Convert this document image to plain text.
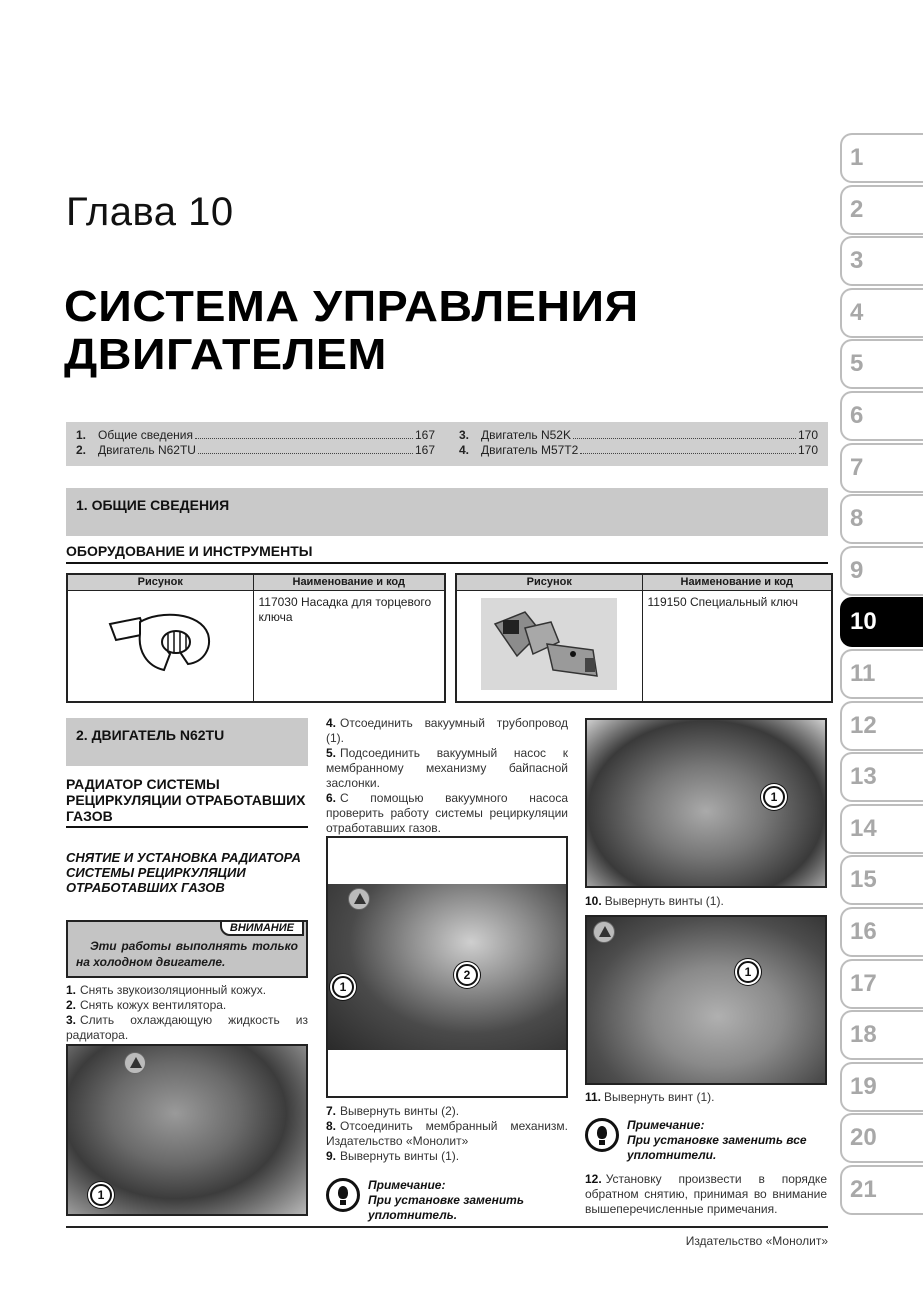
Глава 10
СИСТЕМА УПРАВЛЕНИЯ
ДВИГАТЕЛЕМ
1. Общие сведения	167
2. Двигатель N62TU	167
3. Двигатель N52K	170
4. Двигатель M57T2	170
1. ОБЩИЕ СВЕДЕНИЯ
ОБОРУДОВАНИЕ И ИНСТРУМЕНТЫ
Рисунок	Наименование и код
	117030 Насадка для торцевого ключа
Рисунок	Наименование и код
	119150 Специальный ключ
2. ДВИГАТЕЛЬ N62TU
РАДИАТОР СИСТЕМЫ РЕЦИРКУЛЯЦИИ ОТРАБОТАВШИХ ГАЗОВ
СНЯТИЕ И УСТАНОВКА РАДИАТОРА СИСТЕМЫ РЕЦИРКУЛЯЦИИ ОТРАБОТАВШИХ ГАЗОВ
ВНИМАНИЕ
Эти работы выполнять только на холодном двигателе.
1. Снять звукоизоляционный кожух.
2. Снять кожух вентилятора.
3. Слить охлаждающую жидкость из радиатора.
1
4. Отсоединить вакуумный трубопровод (1).
5. Подсоединить вакуумный насос к мембранному механизму байпасной заслонки.
6. С помощью вакуумного насоса проверить работу системы рециркуляции отработавших газов.
1
2
7. Вывернуть винты (2).
8. Отсоединить мембранный механизм. Издательство «Монолит»
9. Вывернуть винты (1).
Примечание:
При установке заменить уплотнитель.
1
10. Вывернуть винты (1).
1
11. Вывернуть винт (1).
Примечание:
При установке заменить все уплотнители.
12. Установку произвести в порядке обратном снятию, принимая во внимание вышеперечисленные примечания.
Издательство «Монолит»
1
2
3
4
5
6
7
8
9
10
11
12
13
14
15
16
17
18
19
20
21
